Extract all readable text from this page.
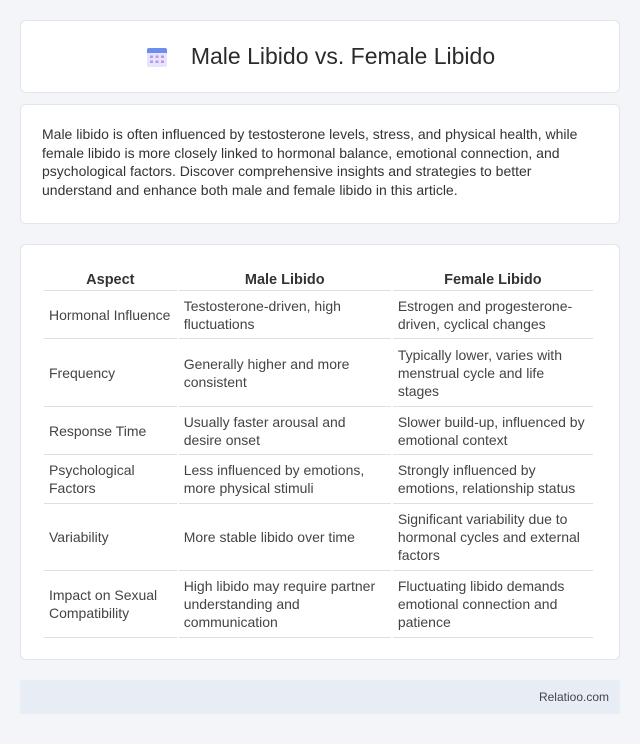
Male Libido vs. Female Libido

Male libido is often influenced by testosterone levels, stress, and physical health, while female libido is more closely linked to hormonal balance, emotional connection, and psychological factors. Discover comprehensive insights and strategies to better understand and enhance both male and female libido in this article.

Aspect	Male Libido	Female Libido
Hormonal Influence	Testosterone-driven, high fluctuations	Estrogen and progesterone-driven, cyclical changes
Frequency	Generally higher and more consistent	Typically lower, varies with menstrual cycle and life stages
Response Time	Usually faster arousal and desire onset	Slower build-up, influenced by emotional context
Psychological Factors	Less influenced by emotions, more physical stimuli	Strongly influenced by emotions, relationship status
Variability	More stable libido over time	Significant variability due to hormonal cycles and external factors
Impact on Sexual Compatibility	High libido may require partner understanding and communication	Fluctuating libido demands emotional connection and patience
Relatioo.com
